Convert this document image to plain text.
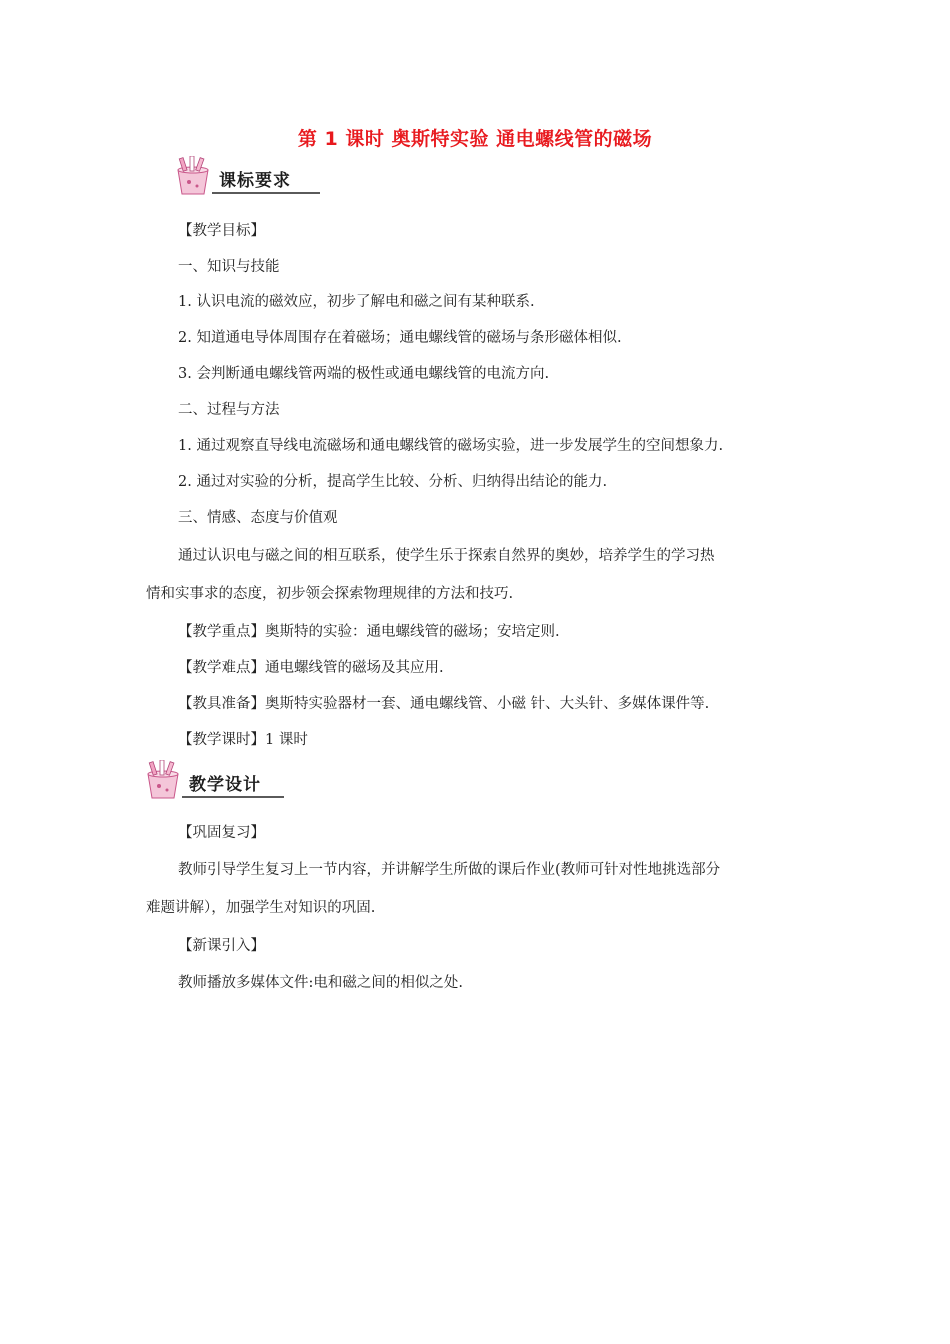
第 1 课时 奥斯特实验 通电螺线管的磁场
课标要求
【教学目标】
一、知识与技能
1. 认识电流的磁效应，初步了解电和磁之间有某种联系.
2. 知道通电导体周围存在着磁场；通电螺线管的磁场与条形磁体相似.
3. 会判断通电螺线管两端的极性或通电螺线管的电流方向.
二、过程与方法
1. 通过观察直导线电流磁场和通电螺线管的磁场实验，进一步发展学生的空间想象力.
2. 通过对实验的分析，提高学生比较、分析、归纳得出结论的能力.
三、情感、态度与价值观
通过认识电与磁之间的相互联系，使学生乐于探索自然界的奥妙，培养学生的学习热
情和实事求的态度，初步领会探索物理规律的方法和技巧.
【教学重点】奥斯特的实验：通电螺线管的磁场；安培定则.
【教学难点】通电螺线管的磁场及其应用.
【教具准备】奥斯特实验器材一套、通电螺线管、小磁 针、大头针、多媒体课件等.
【教学课时】1 课时
教学设计
【巩固复习】
教师引导学生复习上一节内容，并讲解学生所做的课后作业(教师可针对性地挑选部分
难题讲解），加强学生对知识的巩固.
【新课引入】
教师播放多媒体文件:电和磁之间的相似之处.
